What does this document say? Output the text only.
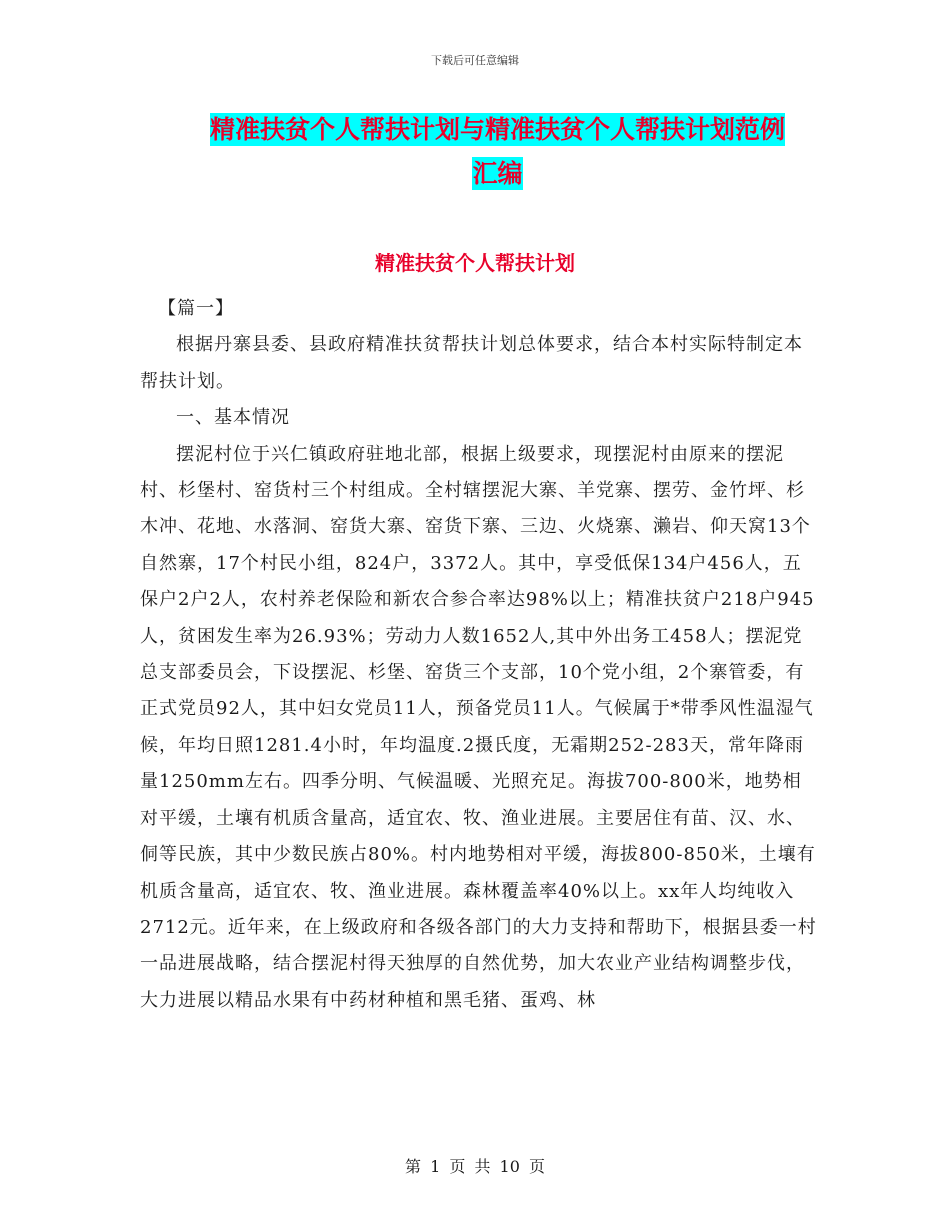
下载后可任意编辑
精准扶贫个人帮扶计划与精准扶贫个人帮扶计划范例
汇编
精准扶贫个人帮扶计划

【篇一】

根据丹寨县委、县政府精准扶贫帮扶计划总体要求，结合本村实际特制定本帮扶计划。

一、基本情况

摆泥村位于兴仁镇政府驻地北部，根据上级要求，现摆泥村由原来的摆泥村、杉堡村、窑货村三个村组成。全村辖摆泥大寨、羊党寨、摆劳、金竹坪、杉木冲、花地、水落洞、窑货大寨、窑货下寨、三边、火烧寨、濑岩、仰天窝13个自然寨，17个村民小组，824户，3372人。其中，享受低保134户456人，五保户2户2人，农村养老保险和新农合参合率达98%以上；精准扶贫户218户945人，贫困发生率为26.93%；劳动力人数1652人,其中外出务工458人；摆泥党总支部委员会，下设摆泥、杉堡、窑货三个支部，10个党小组，2个寨管委，有正式党员92人，其中妇女党员11人，预备党员11人。气候属于*带季风性温湿气候，年均日照1281.4小时，年均温度.2摄氏度，无霜期252-283天，常年降雨量1250mm左右。四季分明、气候温暖、光照充足。海拔700-800米，地势相对平缓，土壤有机质含量高，适宜农、牧、渔业进展。主要居住有苗、汉、水、侗等民族，其中少数民族占80%。村内地势相对平缓，海拔800-850米，土壤有机质含量高，适宜农、牧、渔业进展。森林覆盖率40%以上。xx年人均纯收入2712元。近年来，在上级政府和各级各部门的大力支持和帮助下，根据县委一村一品进展战略，结合摆泥村得天独厚的自然优势，加大农业产业结构调整步伐，大力进展以精品水果有中药材种植和黑毛猪、蛋鸡、林

第 1 页 共 10 页
